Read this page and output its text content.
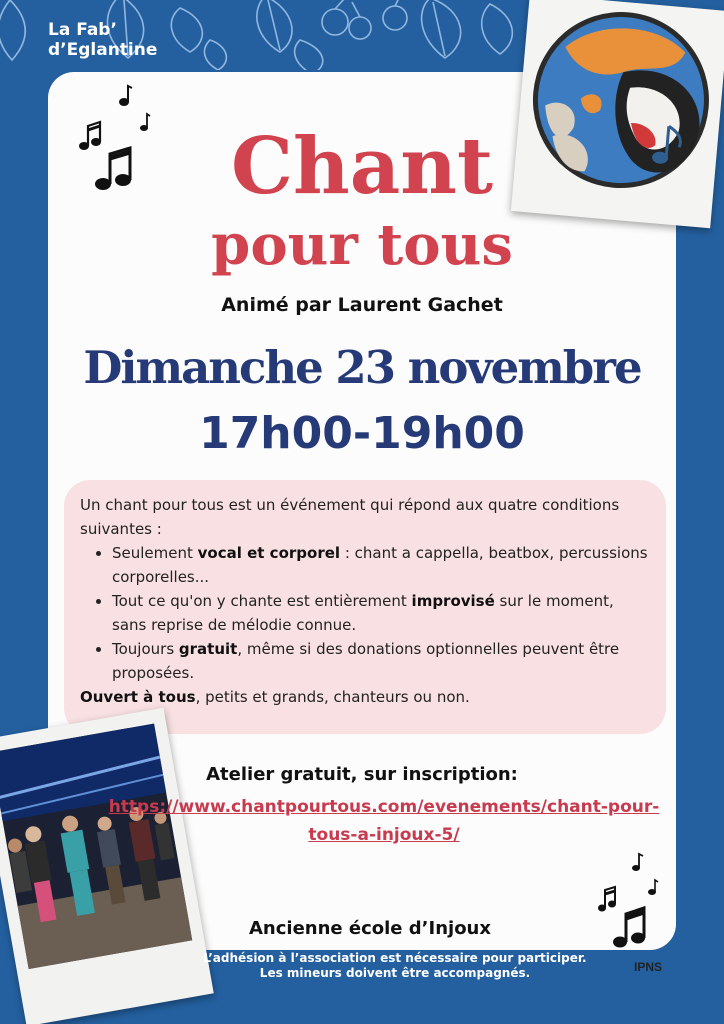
La Fab’
d’Eglantine
Chant
pour tous
Animé par Laurent Gachet
Dimanche 23 novembre
17h00-19h00

Un chant pour tous est un événement qui répond aux quatre conditions suivantes :

• Seulement vocal et corporel : chant a cappella, beatbox, percussions corporelles...
• Tout ce qu'on y chante est entièrement improvisé sur le moment, sans reprise de mélodie connue.
• Toujours gratuit, même si des donations optionnelles peuvent être proposées.

Ouvert à tous, petits et grands, chanteurs ou non.

Atelier gratuit, sur inscription:
https://www.chantpourtous.com/evenements/chant-pour-tous-a-injoux-5/
Ancienne école d’Injoux
L’adhésion à l’association est nécessaire pour participer.
Les mineurs doivent être accompagnés.	IPNS
